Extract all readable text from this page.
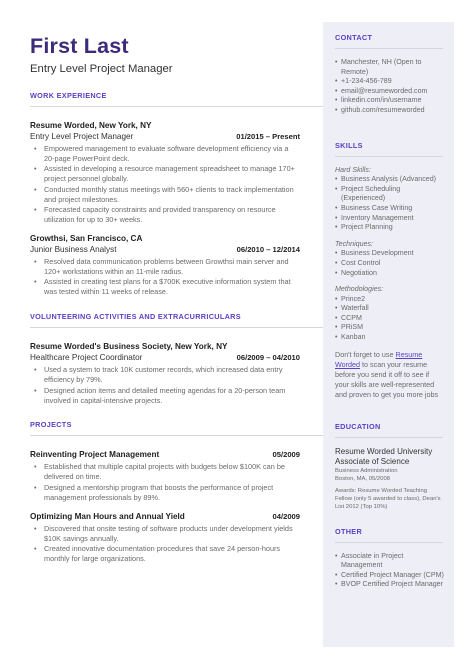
First Last
Entry Level Project Manager
WORK EXPERIENCE
Resume Worded, New York, NY
Entry Level Project Manager	01/2015 – Present
• Empowered management to evaluate software development efficiency via a 20-page PowerPoint deck.
• Assisted in developing a resource management spreadsheet to manage 170+ project personnel globally.
• Conducted monthly status meetings with 560+ clients to track implementation and project milestones.
• Forecasted capacity constraints and provided transparency on resource utilization for up to 30+ weeks.
Growthsi, San Francisco, CA
Junior Business Analyst	06/2010 – 12/2014
• Resolved data communication problems between Growthsi main server and 120+ workstations within an 11-mile radius.
• Assisted in creating test plans for a $700K executive information system that was tested within 11 weeks of release.
VOLUNTEERING ACTIVITIES AND EXTRACURRICULARS
Resume Worded's Business Society, New York, NY
Healthcare Project Coordinator	06/2009 – 04/2010
• Used a system to track 10K customer records, which increased data entry efficiency by 79%.
• Designed action items and detailed meeting agendas for a 20-person team involved in capital-intensive projects.
PROJECTS
Reinventing Project Management	05/2009
• Established that multiple capital projects with budgets below $100K can be delivered on time.
• Designed a mentorship program that boosts the performance of project management professionals by 89%.
Optimizing Man Hours and Annual Yield	04/2009
• Discovered that onsite testing of software products under development yields $10K savings annually.
• Created innovative documentation procedures that save 24 person-hours monthly for large organizations.
CONTACT
• Manchester, NH (Open to Remote)
• +1-234-456-789
• email@resumeworded.com
• linkedin.com/in/username
• github.com/resumeworded
SKILLS
Hard Skills:
• Business Analysis (Advanced)
• Project Scheduling (Experienced)
• Business Case Writing
• Inventory Management
• Project Planning
Techniques:
• Business Development
• Cost Control
• Negotiation
Methodologies:
• Prince2
• Waterfall
• CCPM
• PRiSM
• Kanban
Don't forget to use Resume Worded to scan your resume before you send it off to see if your skills are well-represented and proven to get you more jobs
EDUCATION
Resume Worded University
Associate of Science
Business Administration
Boston, MA, 05/2008
Awards: Resume Worded Teaching Fellow (only 5 awarded to class), Dean's List 2012 (Top 10%)
OTHER
• Associate in Project Management
• Certified Project Manager (CPM)
• BVOP Certified Project Manager
